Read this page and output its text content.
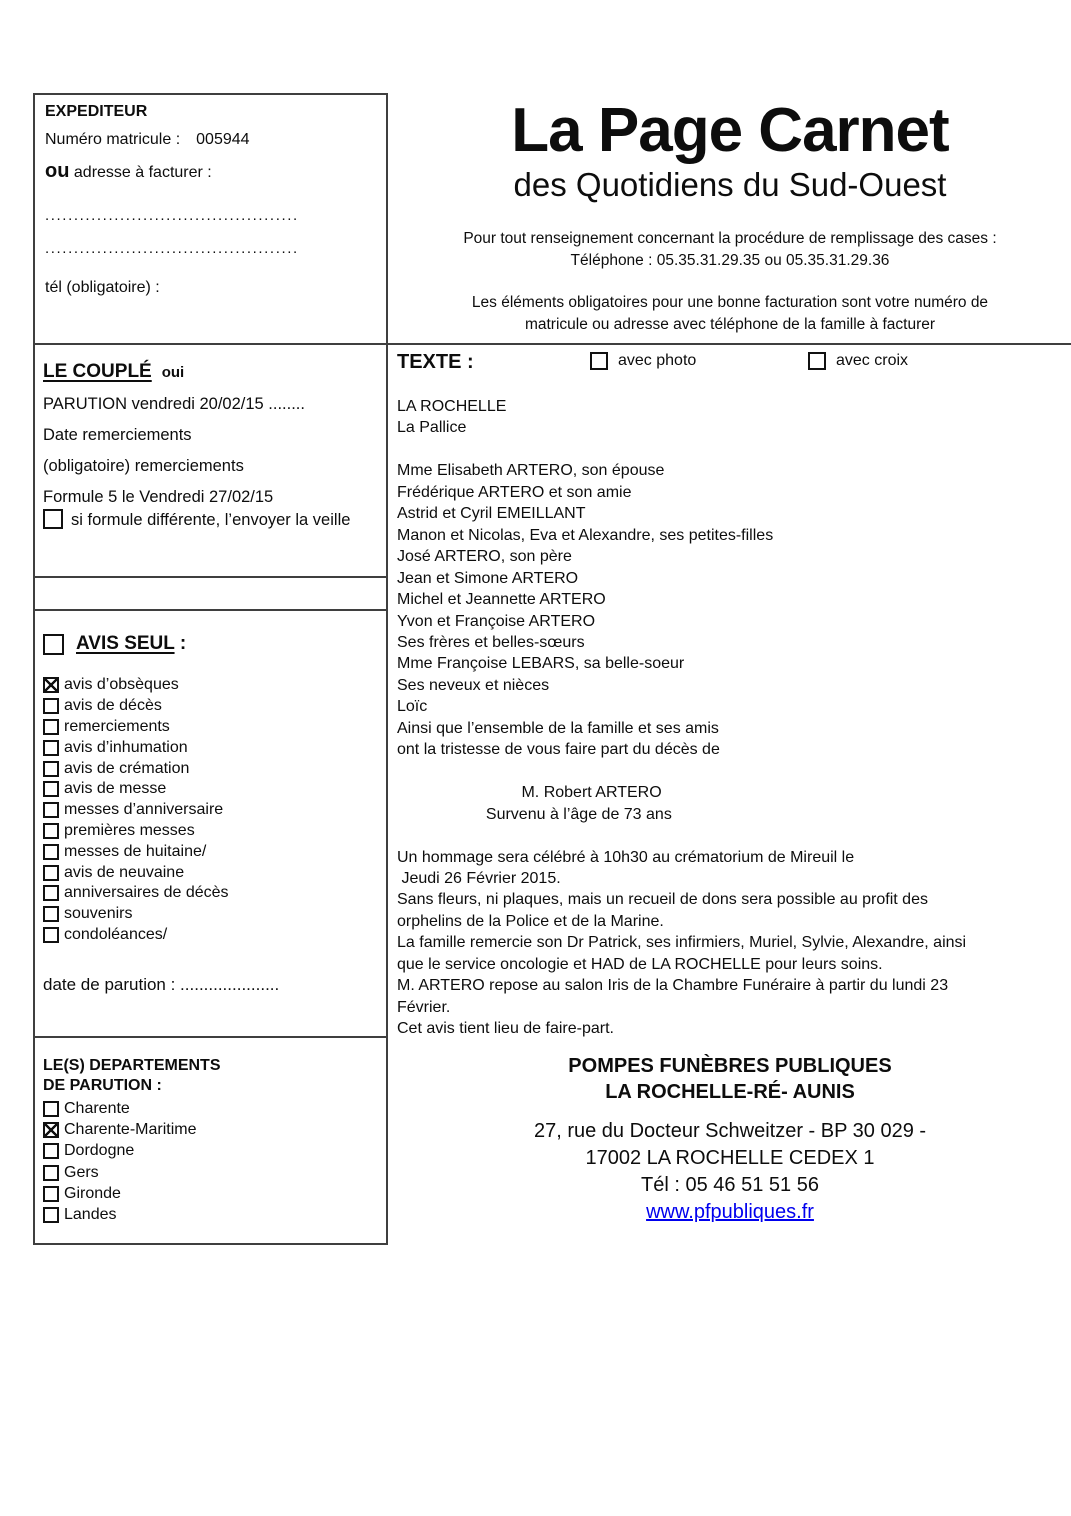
EXPEDITEUR
Numéro matricule : 005944
ou adresse à facturer :
............................................
............................................
tél (obligatoire) :
La Page Carnet
des Quotidiens du Sud-Ouest
Pour tout renseignement concernant la procédure de remplissage des cases :
Téléphone : 05.35.31.29.35 ou 05.35.31.29.36
Les éléments obligatoires pour une bonne facturation sont votre numéro de
matricule ou adresse avec téléphone de la famille à facturer
LE COUPLÉ oui
PARUTION vendredi 20/02/15 ........
Date remerciements
(obligatoire) remerciements
Formule 5 le Vendredi 27/02/15
si formule différente, l’envoyer la veille
AVIS SEUL :
avis d’obsèques
avis de décès
remerciements
avis d’inhumation
avis de crémation
avis de messe
messes d’anniversaire
premières messes
messes de huitaine/
avis de neuvaine
anniversaires de décès
souvenirs
condoléances/
date de parution : .....................
LE(S) DEPARTEMENTS
DE PARUTION :
Charente
Charente-Maritime
Dordogne
Gers
Gironde
Landes
TEXTE :	avec photo	avec croix
LA ROCHELLE
La Pallice

Mme Elisabeth ARTERO, son épouse
Frédérique ARTERO et son amie
Astrid et Cyril EMEILLANT
Manon et Nicolas, Eva et Alexandre, ses petites-filles
José ARTERO, son père
Jean et Simone ARTERO
Michel et Jeannette ARTERO
Yvon et Françoise ARTERO
Ses frères et belles-sœurs
Mme Françoise LEBARS, sa belle-soeur
Ses neveux et nièces
Loïc
Ainsi que l’ensemble de la famille et ses amis
ont la tristesse de vous faire part du décès de

M. Robert ARTERO
Survenu à l’âge de 73 ans

Un hommage sera célébré à 10h30 au crématorium de Mireuil le
Jeudi 26 Février 2015.
Sans fleurs, ni plaques, mais un recueil de dons sera possible au profit des
orphelins de la Police et de la Marine.
La famille remercie son Dr Patrick, ses infirmiers, Muriel, Sylvie, Alexandre, ainsi
que le service oncologie et HAD de LA ROCHELLE pour leurs soins.
M. ARTERO repose au salon Iris de la Chambre Funéraire à partir du lundi 23
Février.
Cet avis tient lieu de faire-part.
POMPES FUNÈBRES PUBLIQUES
LA ROCHELLE-RÉ- AUNIS
27, rue du Docteur Schweitzer - BP 30 029 -
17002 LA ROCHELLE CEDEX 1
Tél : 05 46 51 51 56
www.pfpubliques.fr
